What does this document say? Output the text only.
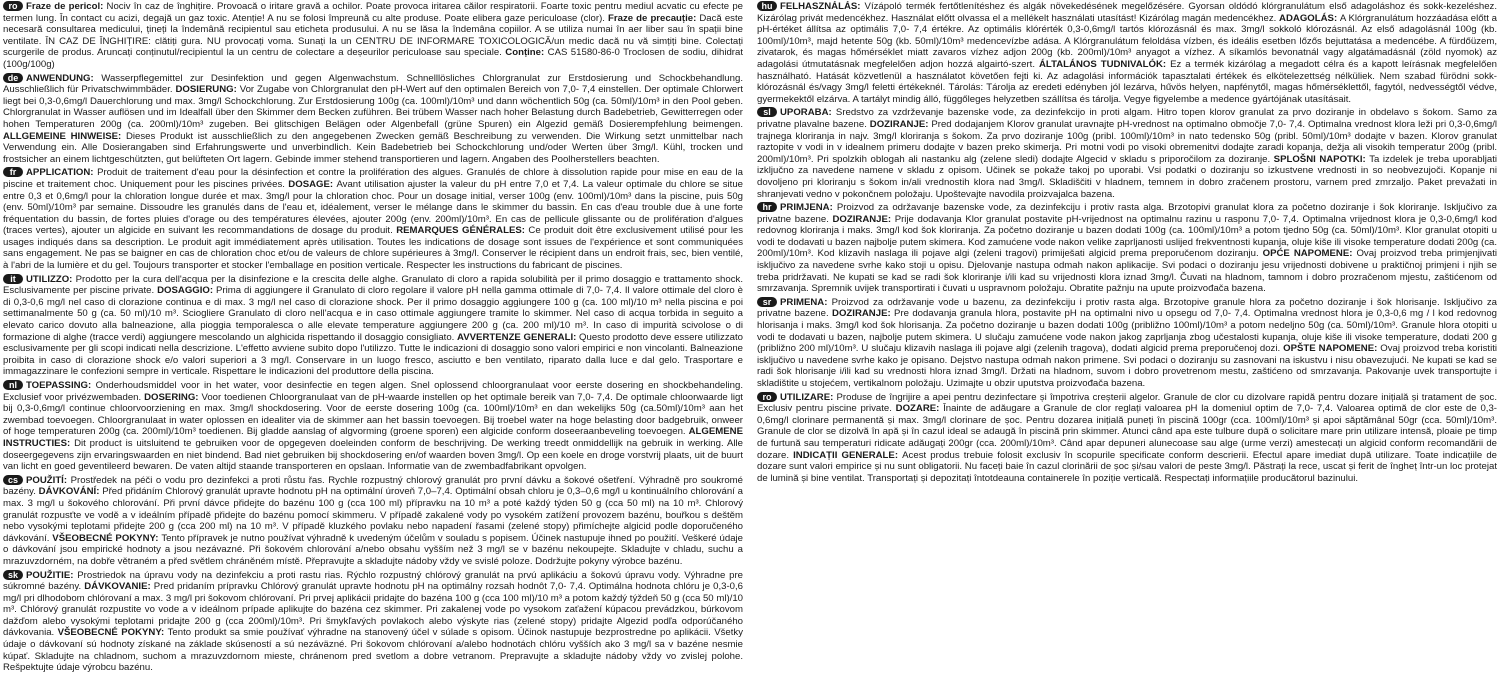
ro Fraze de pericol: Nociv în caz de înghițire. Provoacă o iritare gravă a ochilor. Poate provoca iritarea căilor respiratorii. Foarte toxic pentru mediul acvatic cu efecte pe termen lung. În contact cu acizi, degajă un gaz toxic. Atenție! A nu se folosi împreună cu alte produse. Poate elibera gaze periculoase (clor). Fraze de precauție: Dacă este necesară consultarea medicului, țineți la îndemână recipientul sau eticheta produsului. A nu se lăsa la îndemâna copiilor. A se utiliza numai în aer liber sau în spații bine ventilate. ÎN CAZ DE ÎNGHIȚIRE: clătiți gura. NU provocați voma. Sunați la un CENTRU DE INFORMARE TOXICOLOGICĂ/un medic dacă nu vă simțiți bine. Colectați scurgerile de produs. Aruncați conținutul/recipientul la un centru de colectare a deșeurilor periculoase sau speciale. Conține: CAS 51580-86-0 Troclosen de sodiu, dihidrat (100g/100g)

de ANWENDUNG: Wasserpflegemittel zur Desinfektion und gegen Algenwachstum. Schnelllösliches Chlorgranulat zur Erstdosierung und Schockbehandlung. Ausschließlich für Privatschwimmbäder. DOSIERUNG: Vor Zugabe von Chlorgranulat den pH-Wert auf den optimalen Bereich von 7,0- 7,4 einstellen. Der optimale Chlorwert liegt bei 0,3-0,6mg/l Dauerchlorung und max. 3mg/l Schockchlorung. Zur Erstdosierung 100g (ca. 100ml)/10m³ und dann wöchentlich 50g (ca. 50ml)/10m³ in den Pool geben. Chlorgranulat in Wasser auflösen und im Idealfall über den Skimmer dem Becken zuführen. Bei trübem Wasser nach hoher Belastung durch Badebetrieb, Gewitterregen oder hohen Temperaturen 200g (ca. 200ml)/10m³ zugeben. Bei glitschigen Belägen oder Algenbefall (grüne Spuren) ein Algezid gemäß Dosierempfehlung beimengen. ALLGEMEINE HINWEISE: Dieses Produkt ist ausschließlich zu den angegebenen Zwecken gemäß Beschreibung zu verwenden. Die Wirkung setzt unmittelbar nach Verwendung ein. Alle Dosierangaben sind Erfahrungswerte und unverbindlich. Kein Badebetrieb bei Schockchlorung und/oder Werten über 3mg/l. Kühl, trocken und frostsicher an einem lichtgeschützten, gut belüfteten Ort lagern. Gebinde immer stehend transportieren und lagern. Angaben des Poolherstellers beachten.

fr APPLICATION: Produit de traitement d'eau pour la désinfection et contre la prolifération des algues. Granulés de chlore à dissolution rapide pour mise en eau de la piscine et traitement choc. Uniquement pour les piscines privées. DOSAGE: Avant utilisation ajuster la valeur du pH entre 7,0 et 7,4. La valeur optimale du chlore se situe entre 0,3 et 0,6mg/l pour la chloration longue durée et max. 3mg/l pour la chloration choc. Pour un dosage initial, verser 100g (env. 100ml)/10m³ dans la piscine, puis 50g (env. 50ml)/10m³ par semaine. Dissoudre les granulés dans de l'eau et, idéalement, verser le mélange dans le skimmer du bassin. En cas d'eau trouble due à une forte fréquentation du bassin, de fortes pluies d'orage ou des températures élevées, ajouter 200g (env. 200ml)/10m³. En cas de pellicule glissante ou de prolifération d'algues (traces vertes), ajouter un algicide en suivant les recommandations de dosage du produit. REMARQUES GÉNÉRALES: Ce produit doit être exclusivement utilisé pour les usages indiqués dans sa description. Le produit agit immédiatement après utilisation. Toutes les indications de dosage sont issues de l'expérience et sont communiquées sans engagement. Ne pas se baigner en cas de chloration choc et/ou de valeurs de chlore supérieures à 3mg/l. Conserver le récipient dans un endroit frais, sec, bien ventilé, à l'abri de la lumière et du gel. Toujours transporter et stocker l'emballage en position verticale. Respecter les instructions du fabricant de piscines.

it UTILIZZO: Prodotto per la cura dell'acqua per la disinfezione e la crescita delle alghe. Granulato di cloro a rapida solubilità per il primo dosaggio e trattamento shock. Esclusivamente per piscine private. DOSAGGIO: Prima di aggiungere il Granulato di cloro regolare il valore pH nella gamma ottimale di 7,0- 7,4. Il valore ottimale del cloro è di 0,3-0,6 mg/l nel caso di clorazione continua e di max. 3 mg/l nel caso di clorazione shock. Per il primo dosaggio aggiungere 100 g (ca. 100 ml)/10 m³ nella piscina e poi settimanalmente 50 g (ca. 50 ml)/10 m³. Sciogliere Granulato di cloro nell'acqua e in caso ottimale aggiungere tramite lo skimmer. Nel caso di acqua torbida in seguito a elevato carico dovuto alla balneazione, alla pioggia temporalesca o alle elevate temperature aggiungere 200 g (ca. 200 ml)/10 m³. In caso di impurità scivolose o di formazione di alghe (tracce verdi) aggiungere mescolando un alghicida rispettando il dosaggio consigliato. AVVERTENZE GENERALI: Questo prodotto deve essere utilizzato esclusivamente per gli scopi indicati nella descrizione. L'effetto avviene subito dopo l'utilizzo. Tutte le indicazioni di dosaggio sono valori empirici e non vincolanti. Balneazione proibita in caso di clorazione shock e/o valori superiori a 3 mg/l. Conservare in un luogo fresco, asciutto e ben ventilato, riparato dalla luce e dal gelo. Trasportare e immagazzinare le confezioni sempre in verticale. Rispettare le indicazioni del produttore della piscina.

nl TOEPASSING: Onderhoudsmiddel voor in het water, voor desinfectie en tegen algen. Snel oplossend chloorgranulaat voor eerste dosering en shockbehandeling. Exclusief voor privézwembaden. DOSERING: Voor toedienen Chloorgranulaat van de pH-waarde instellen op het optimale bereik van 7,0- 7,4. De optimale chloorwaarde ligt bij 0,3-0,6mg/l continue chloorvoorziening en max. 3mg/l shockdosering. Voor de eerste dosering 100g (ca. 100ml)/10m³ en dan wekelijks 50g (ca.50ml)/10m³ aan het zwembad toevoegen. Chloorgranulaat in water oplossen en idealiter via de skimmer aan het bassin toevoegen. Bij troebel water na hoge belasting door badgebruik, onweer of hoge temperaturen 200g (ca. 200ml)/10m³ toedienen. Bij gladde aanslag of algvorming (groene sporen) een algicide conform doseeraanbeveling toevoegen. ALGEMENE INSTRUCTIES: Dit product is uitsluitend te gebruiken voor de opgegeven doeleinden conform de beschrijving. De werking treedt onmiddellijk na gebruik in werking. Alle doseergegevens zijn ervaringswaarden en niet bindend. Bad niet gebruiken bij shockdosering en/of waarden boven 3mg/l. Op een koele en droge vorstvrij plaats, uit de buurt van licht en goed geventileerd bewaren. De vaten altijd staande transporteren en opslaan. Informatie van de zwembadfabrikant opvolgen.

cs POUŽITÍ: Prostředek na péči o vodu pro dezinfekci a proti růstu řas. Rychle rozpustný chlorový granulát pro první dávku a šokové ošetření. Výhradně pro soukromé bazény. DÁVKOVÁNÍ: Před přidáním Chlorový granulát upravte hodnotu pH na optimální úroveň 7,0–7,4. Optimální obsah chloru je 0,3–0,6 mg/l u kontinuálního chlorování a max. 3 mg/l u šokového chlorování. Při první dávce přidejte do bazénu 100 g (cca 100 ml) přípravku na 10 m³ a poté každý týden 50 g (cca 50 ml) na 10 m³. Chlorový granulát rozpusťte ve vodě a v ideálním případě přidejte do bazénu pomocí skimmeru. V případě zakalené vody po vysokém zatížení provozem bazénu, bouřkou s deštěm nebo vysokými teplotami přidejte 200 g (cca 200 ml) na 10 m³. V případě kluzkého povlaku nebo napadení řasami (zelené stopy) přimíchejte algicid podle doporučeného dávkování. VŠEOBECNÉ POKYNY: Tento přípravek je nutno používat výhradně k uvedeným účelům v souladu s popisem. Účinek nastupuje ihned po použití. Veškeré údaje o dávkování jsou empirické hodnoty a jsou nezávazné. Při šokovém chlorování a/nebo obsahu vyšším než 3 mg/l se v bazénu nekoupejte. Skladujte v chladu, suchu a mrazuvzdorném, na dobře větraném a před světlem chráněném místě. Přepravujte a skladujte nádoby vždy ve svislé poloze. Dodržujte pokyny výrobce bazénu.

sk POUŽITIE: Prostriedok na úpravu vody na dezinfekciu a proti rastu rias. Rýchlo rozpustný chlórový granulát na prvú aplikáciu a šokovú úpravu vody. Výhradne pre súkromné bazény. DÁVKOVANIE: Pred pridaním prípravku Chlórový granulát upravte hodnotu pH na optimálny rozsah hodnôt 7,0- 7,4. Optimálna hodnota chlóru je 0,3-0,6 mg/l pri dlhodobom chlórovaní a max. 3 mg/l pri šokovom chlórovaní. Pri prvej aplikácii pridajte do bazéna 100 g (cca 100 ml)/10 m³ a potom každý týždeň 50 g (cca 50 ml)/10 m³. Chlórový granulát rozpustite vo vode a v ideálnom prípade aplikujte do bazéna cez skimmer. Pri zakalenej vode po vysokom zaťažení kúpacou prevádzkou, búrkovom dažďom alebo vysokými teplotami pridajte 200 g (cca 200ml)/10m³. Pri šmykľavých povlakoch alebo výskyte rias (zelené stopy) pridajte Algezid podľa odporúčaného dávkovania. VŠEOBECNÉ POKYNY: Tento produkt sa smie používať výhradne na stanovený účel v súlade s opisom. Účinok nastupuje bezprostredne po aplikácii. Všetky údaje o dávkovaní sú hodnoty získané na základe skúseností a sú nezáväzné. Pri šokovom chlórovaní a/alebo hodnotách chlóru vyšších ako 3 mg/l sa v bazéne nesmie kúpať. Skladujte na chladnom, suchom a mrazuvzdornom mieste, chránenom pred svetlom a dobre vetranom. Prepravujte a skladujte nádoby vždy vo zvislej polohe. Rešpektujte údaje výrobcu bazénu.

hu FELHASZNÁLÁS: Vízápoló termék fertőtlenítéshez és algák növekedésének megelőzésére. Gyorsan oldódó klórgranulátum első adagoláshoz és sokk-kezeléshez. Kizárólag privát medencékhez. Használat előtt olvassa el a mellékelt használati utasítást! Kizárólag magán medencékhez. ADAGOLÁS: A Klórgranulátum hozzáadása előtt a pH-értéket állítsa az optimális 7,0- 7,4 értékre. Az optimális klórérték 0,3-0,6mg/l tartós klórozásnál és max. 3mg/l sokkoló klórozásnál. Az első adagolásnál 100g (kb. 100ml)/10m³, majd hetente 50g (kb. 50ml)/10m³ medencevízbe adása. A Klórgranulátum feloldása vízben, és ideális esetben lőzős bejuttatása a medencébe. A fürdőüzem, zivatarok, és magas hőmérséklet miatt zavaros vízhez adjon 200g (kb. 200ml)/10m³ anyagot a vízhez. A síkamlós bevonatnál vagy algatámadásnál (zöld nyomok) az adagolási útmutatásnak megfelelően adjon hozzá algairtó-szert. ÁLTALÁNOS TUDNIVALÓK: Ez a termék kizárólag a megadott célra és a kapott leírásnak megfelelően használható. Hatását közvetlenül a használatot követően fejti ki. Az adagolási információk tapasztalati értékek és elkötelezettség nélküliek. Nem szabad fürödni sokk-klórozásnál és/vagy 3mg/l feletti értékeknél. Tárolás: Tárolja az eredeti edényben jól lezárva, hűvös helyen, napfénytől, magas hőmérséklettől, fagytól, nedvességtől védve, gyermekektől elzárva. A tartályt mindig álló, függőleges helyzetben szállítsa és tárolja. Vegye figyelembe a medence gyártójának utasításait.

sl UPORABA: Sredstvo za vzdrževanje bazenske vode, za dezinfekcijo in proti algam. Hitro topen klorov granulat za prvo doziranje in obdelavo s šokom. Samo za privatne plavalne bazene. DOZIRANJE: Pred dodajanjem Klorov granulat uravnajte pH-vrednost na optimalno območje 7,0- 7,4. Optimalna vrednost klora leži pri 0,3-0,6mg/l trajnega kloriranja in najv. 3mg/l kloriranja s šokom. Za prvo doziranje 100g (pribl. 100ml)/10m³ in nato tedensko 50g (pribl. 50ml)/10m³ dodajte v bazen. Klorov granulat raztopite v vodi in v idealnem primeru dodajte v bazen preko skimerja. Pri motni vodi po visoki obremenitvi dodajte zaradi kopanja, dežja ali visokih temperatur 200g (pribl. 200ml)/10m³. Pri spolzkih oblogah ali nastanku alg (zelene sledi) dodajte Algecid v skladu s priporočilom za doziranje. SPLOŠNI NAPOTKI: Ta izdelek je treba uporabljati izključno za navedene namene v skladu z opisom. Učinek se pokaže takoj po uporabi. Vsi podatki o doziranju so izkustvene vrednosti in so neobvezujoči. Kopanje ni dovoljeno pri kloriranju s šokom in/ali vrednostih klora nad 3mg/l. Skladiščiti v hladnem, temnem in dobro zračenem prostoru, varnem pred zmrzaljo. Paket prevažati in shranjevati vedno v pokončnem položaju. Upoštevajte navodila proizvajalca bazena.

hr PRIMJENA: Proizvod za održavanje bazenske vode, za dezinfekciju i protiv rasta alga. Brzotopivi granulat klora za početno doziranje i šok kloriranje. Isključivo za privatne bazene. DOZIRANJE: Prije dodavanja Klor granulat postavite pH-vrijednost na optimalnu razinu u rasponu 7,0- 7,4. Optimalna vrijednost klora je 0,3-0,6mg/l kod redovnog kloriranja i maks. 3mg/l kod šok kloriranja. Za početno doziranje u bazen dodati 100g (ca. 100ml)/10m³ a potom tjedno 50g (ca. 50ml)/10m³. Klor granulat otopiti u vodi te dodavati u bazen najbolje putem skimera. Kod zamućene vode nakon velike zaprljanosti uslijed frekventnosti kupanja, oluje kiše ili visoke temperature dodati 200g (ca. 200ml)/10m³. Kod klizavih naslaga ili pojave algi (zeleni tragovi) primiješati algicid prema preporučenom doziranju. OPĆE NAPOMENE: Ovaj proizvod treba primjenjivati isključivo za navedene svrhe kako stoji u opisu. Djelovanje nastupa odmah nakon aplikacije. Svi podaci o doziranju jesu vrijednosti dobivene u praktičnoj primjeni i njih se treba pridržavati. Ne kupati se kad se radi šok kloriranje i/ili kad su vrijednosti klora iznad 3mg/l. Čuvati na hladnom, tamnom i dobro prozračenom mjestu, zaštićenom od smrzavanja. Spremnik uvijek transportirati i čuvati u uspravnom položaju. Obratite pažnju na upute proizvođača bazena.

sr PRIMENA: Proizvod za održavanje vode u bazenu, za dezinfekciju i protiv rasta alga. Brzotopive granule hlora za početno doziranje i šok hlorisanje. Isključivo za privatne bazene. DOZIRANJE: Pre dodavanja granula hlora, postavite pH na optimalni nivo u opsegu od 7,0- 7,4. Optimalna vrednost hlora je 0,3-0,6 mg / l kod redovnog hlorisanja i maks. 3mg/l kod šok hlorisanja. Za početno doziranje u bazen dodati 100g (približno 100ml)/10m³ a potom nedeljno 50g (ca. 50ml)/10m³. Granule hlora otopiti u vodi te dodavati u bazen, najbolje putem skimera. U slučaju zamućene vode nakon jakog zaprljanja zbog učestalosti kupanja, oluje kiše ili visoke temperature, dodati 200 g (približno 200 ml)/10m³. U slučaju klizavih naslaga ili pojave algi (zelenih tragova), dodati algicid prema preporučenoj dozi. OPŠTE NAPOMENE: Ovaj proizvod treba koristiti isključivo u navedene svrhe kako je opisano. Dejstvo nastupa odmah nakon primene. Svi podaci o doziranju su zasnovani na iskustvu i nisu obavezujući. Ne kupati se kad se radi šok hlorisanje i/ili kad su vrednosti hlora iznad 3mg/l. Držati na hladnom, suvom i dobro provetrenom mestu, zaštićeno od smrzavanja. Pakovanje uvek transportujte i skladištite u stojećem, vertikalnom položaju. Uzimajte u obzir uputstva proizvođača bazena.

ro UTILIZARE: Produse de îngrijire a apei pentru dezinfectare și împotriva creșterii algelor. Granule de clor cu dizolvare rapidă pentru dozare inițială și tratament de șoc. Exclusiv pentru piscine private. DOZARE: Înainte de adăugare a Granule de clor reglați valoarea pH la domeniul optim de 7,0- 7,4. Valoarea optimă de clor este de 0,3-0,6mg/l clorinare permanentă și max. 3mg/l clorinare de șoc. Pentru dozarea inițială puneți în piscină 100gr (cca. 100ml)/10m³ și apoi săptămânal 50gr (cca. 50ml)/10m³. Granule de clor se dizolvă în apă și în cazul ideal se adaugă în piscină prin skimmer. Atunci când apa este tulbure după o solicitare mare prin utilizare intensă, ploaie pe timp de furtună sau temperaturi ridicate adăugați 200gr (cca. 200ml)/10m³. Când apar depuneri alunecoase sau alge (urme verzi) amestecați un algicid conform recomandării de dozare. INDICAȚII GENERALE: Acest produs trebuie folosit exclusiv în scopurile specificate conform descrierii. Efectul apare imediat după utilizare. Toate indicațiile de dozare sunt valori empirice și nu sunt obligatorii. Nu faceți baie în cazul clorinării de șoc și/sau valori de peste 3mg/l. Păstrați la rece, uscat și ferit de îngheț într-un loc protejat de lumină și bine ventilat. Transportați și depozitați întotdeauna containerele în poziție verticală. Respectați informațiile producătorul bazinului.
